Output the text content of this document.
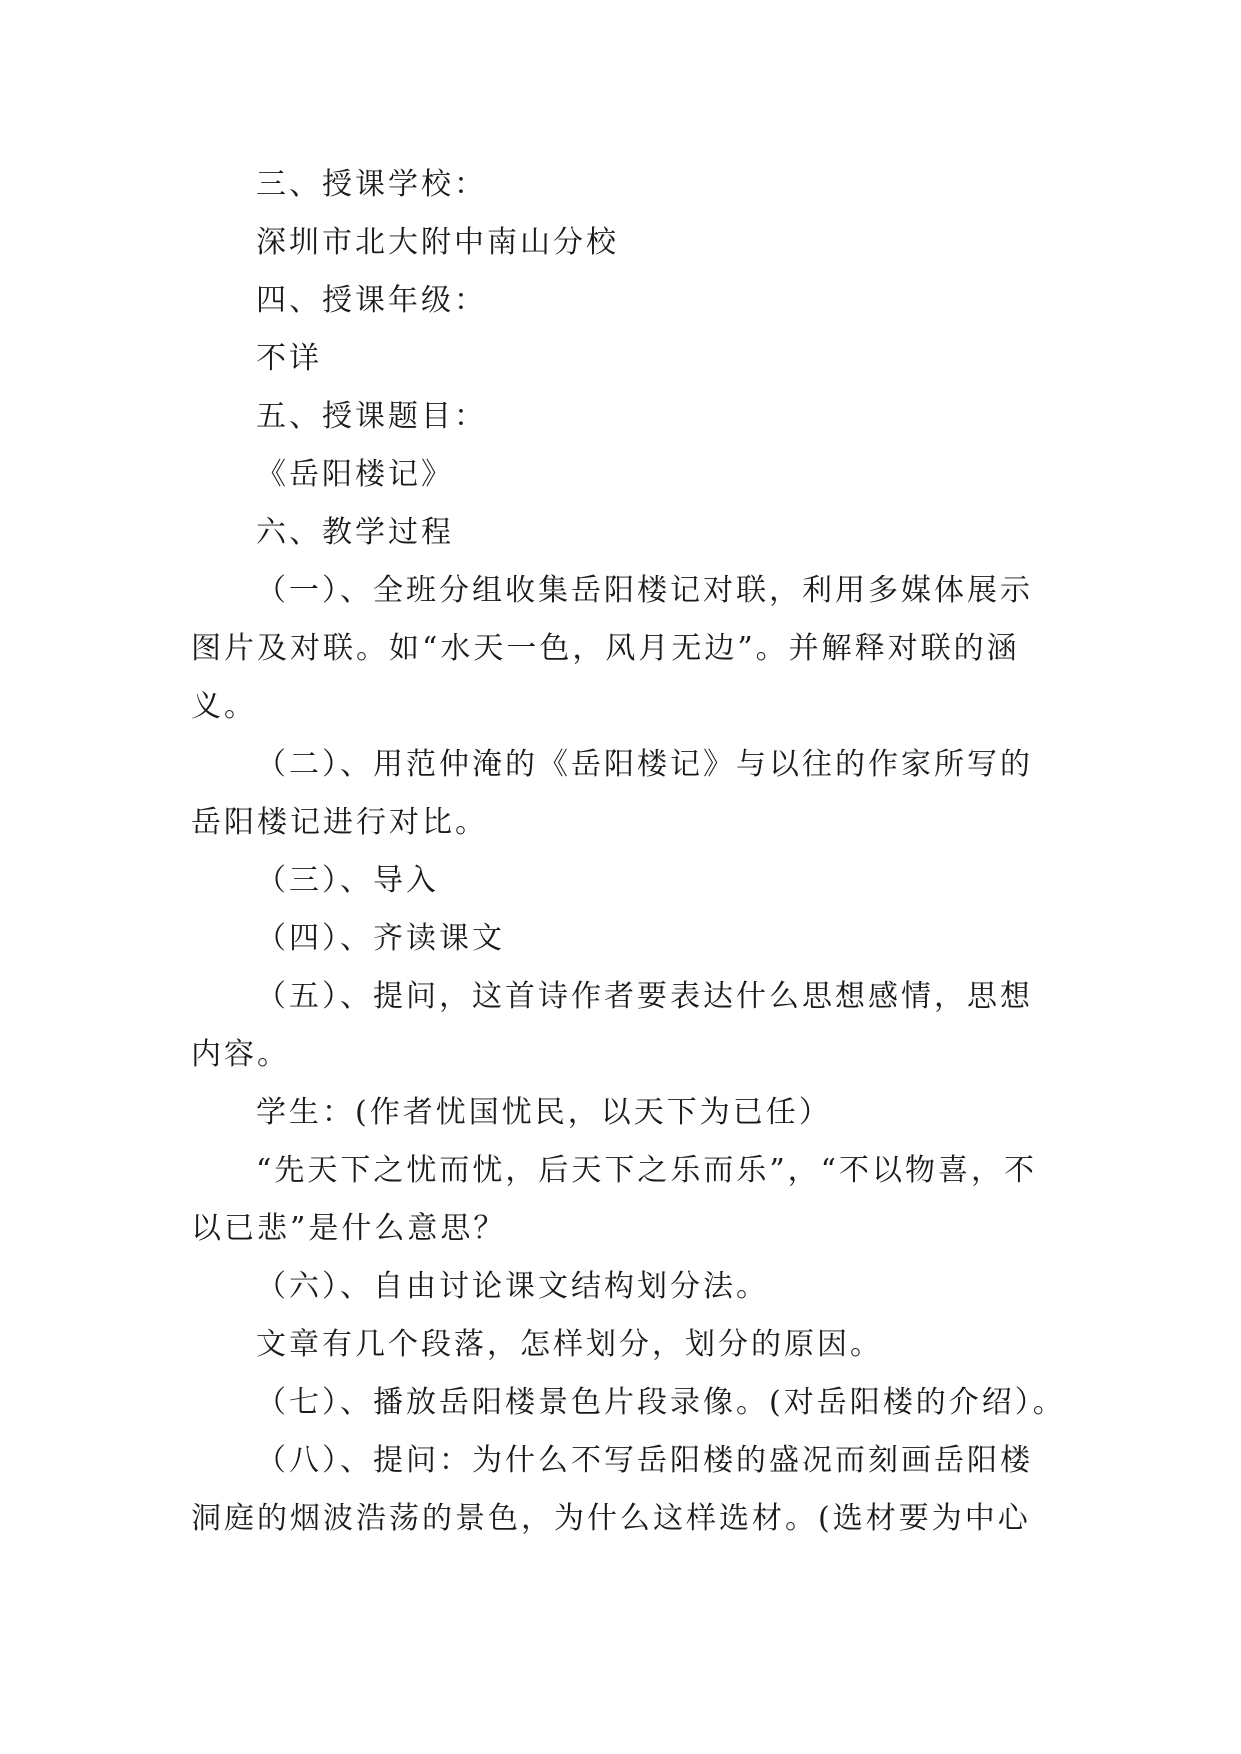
三、授课学校：
深圳市北大附中南山分校
四、授课年级：
不详
五、授课题目：
《岳阳楼记》
六、教学过程
（一）、全班分组收集岳阳楼记对联，利用多媒体展示
图片及对联。如“水天一色，风月无边”。并解释对联的涵
义。
（二）、用范仲淹的《岳阳楼记》与以往的作家所写的
岳阳楼记进行对比。
（三）、导入
（四）、齐读课文
（五）、提问，这首诗作者要表达什么思想感情，思想
内容。
学生：(作者忧国忧民，以天下为已任）
“先天下之忧而忧，后天下之乐而乐”，“不以物喜，不
以已悲”是什么意思？
（六）、自由讨论课文结构划分法。
文章有几个段落，怎样划分，划分的原因。
（七）、播放岳阳楼景色片段录像。(对岳阳楼的介绍）。
（八）、提问：为什么不写岳阳楼的盛况而刻画岳阳楼
洞庭的烟波浩荡的景色，为什么这样选材。(选材要为中心
